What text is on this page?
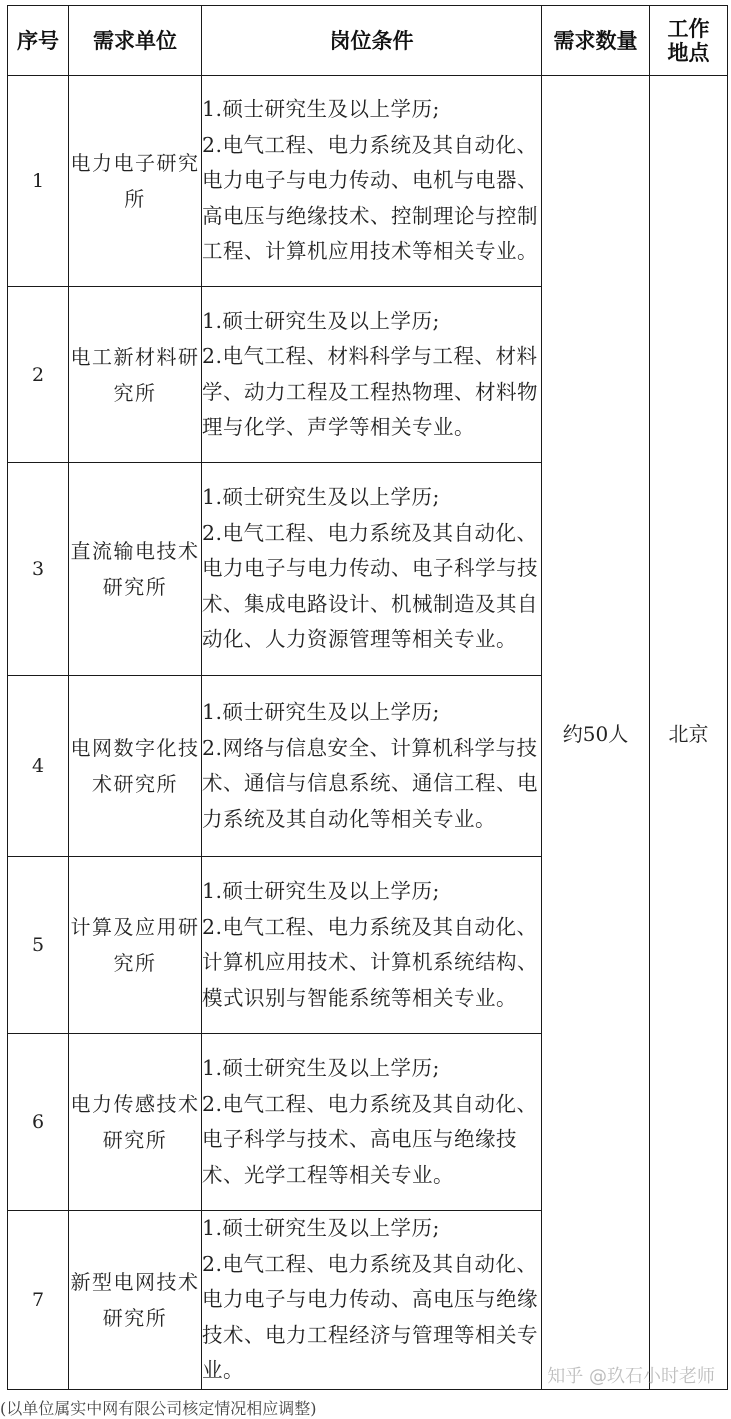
序号	需求单位	岗位条件	需求数量	工作地点

1	电力电子研究所	1.硕士研究生及以上学历;
2.电气工程、电力系统及其自动化、电力电子与电力传动、电机与电器、高电压与绝缘技术、控制理论与控制工程、计算机应用技术等相关专业。	约50人	北京
2	电工新材料研究所	1.硕士研究生及以上学历;
2.电气工程、材料科学与工程、材料学、动力工程及工程热物理、材料物理与化学、声学等相关专业。		

3	直流输电技术研究所	1.硕士研究生及以上学历;
2.电气工程、电力系统及其自动化、电力电子与电力传动、电子科学与技术、集成电路设计、机械制造及其自动化、人力资源管理等相关专业。		

4	电网数字化技术研究所	1.硕士研究生及以上学历;
2.网络与信息安全、计算机科学与技术、通信与信息系统、通信工程、电力系统及其自动化等相关专业。		

5	计算及应用研究所	1.硕士研究生及以上学历;
2.电气工程、电力系统及其自动化、计算机应用技术、计算机系统结构、模式识别与智能系统等相关专业。		

6	电力传感技术研究所	1.硕士研究生及以上学历;
2.电气工程、电力系统及其自动化、电子科学与技术、高电压与绝缘技术、光学工程等相关专业。		

7	新型电网技术研究所	1.硕士研究生及以上学历;
2.电气工程、电力系统及其自动化、电力电子与电力传动、高电压与绝缘技术、电力工程经济与管理等相关专业。			知乎 @玖石小时老师
(以单位属实中网有限公司核定情况相应调整)
